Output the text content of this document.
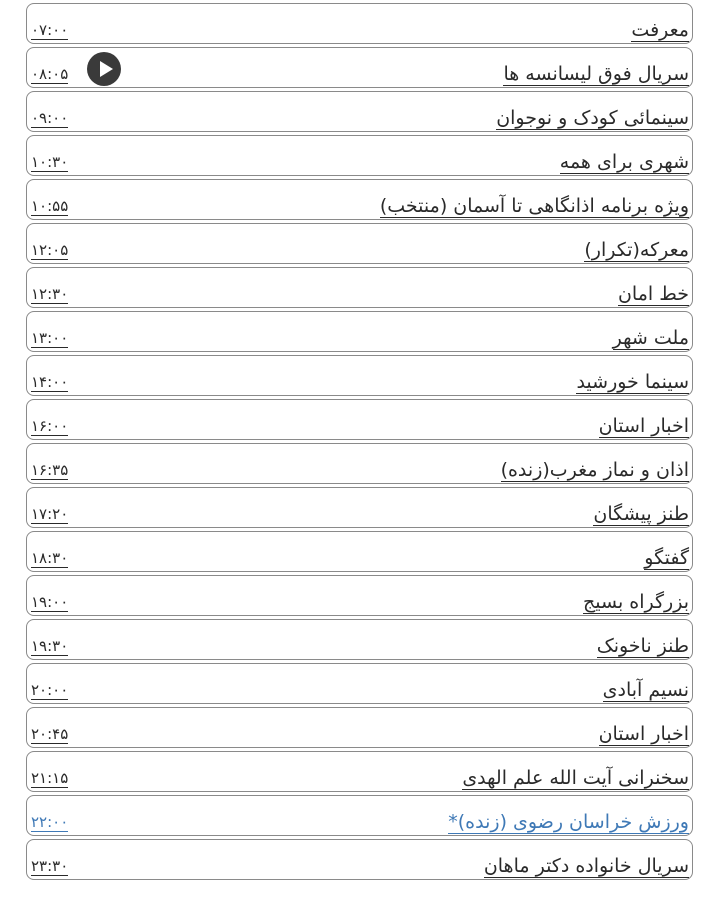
معرفت
۰۷:۰۰
سریال فوق لیسانسه ها
۰۸:۰۵
سینمائی کودک و نوجوان
۰۹:۰۰
شهری برای همه
۱۰:۳۰
ویژه برنامه اذانگاهی تا آسمان (منتخب)
۱۰:۵۵
معرکه(تکرار)
۱۲:۰۵
خط امان
۱۲:۳۰
ملت شهر
۱۳:۰۰
سینما خورشید
۱۴:۰۰
اخبار استان
۱۶:۰۰
اذان و نماز مغرب(زنده)
۱۶:۳۵
طنز پیشگان
۱۷:۲۰
گفتگو
۱۸:۳۰
بزرگراه بسیج
۱۹:۰۰
طنز ناخونک
۱۹:۳۰
نسیم آبادی
۲۰:۰۰
اخبار استان
۲۰:۴۵
سخنرانی آیت الله علم الهدی
۲۱:۱۵
ورزش خراسان رضوی (زنده)*
۲۲:۰۰
سریال خانواده دکتر ماهان
۲۳:۳۰
